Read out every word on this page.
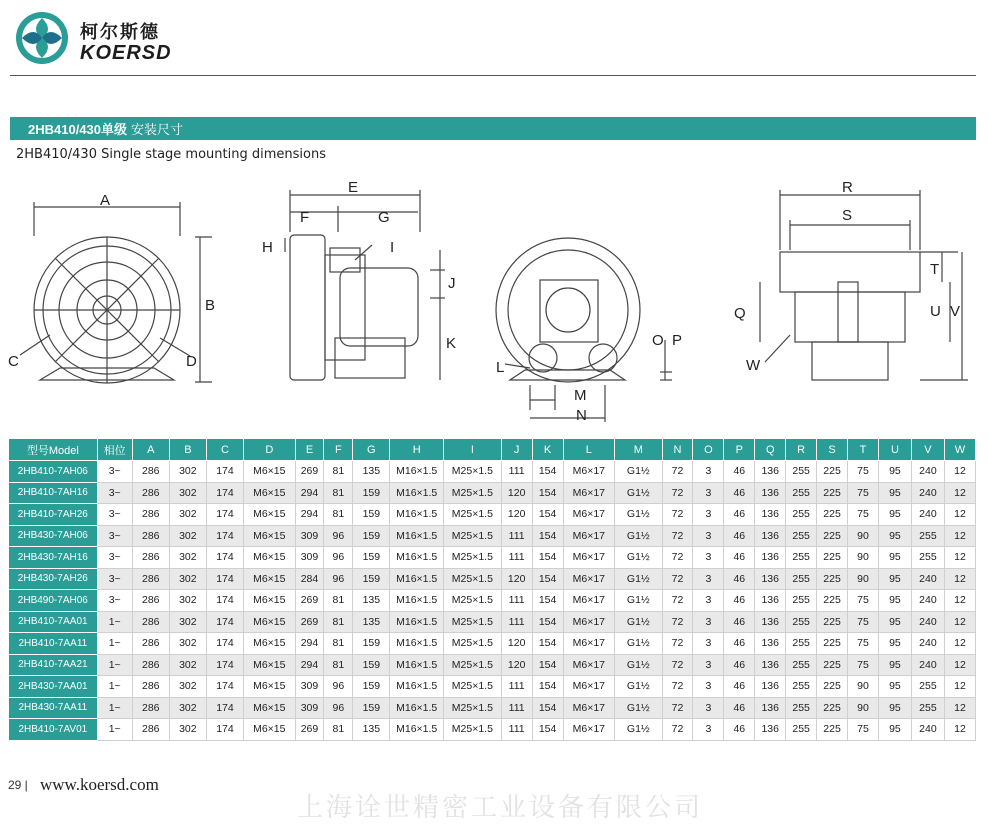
柯尔斯德
KOERSD
2HB410/430单级 安装尺寸
2HB410/430 Single stage mounting dimensions
A
B
C	D
E
F	G
H	I
J
K
L
M
N
O P
R
S
Q
W
T
U V
型号Model	相位	A	B	C	D	E	F	G	H	I	J	K	L	M	N	O	P	Q	R	S	T	U	V	W
2HB410-7AH06	3~	286	302	174	M6×15	269	81	135	M16×1.5	M25×1.5	111	154	M6×17	G1½	72	3	46	136	255	225	75	95	240	12
2HB410-7AH16	3~	286	302	174	M6×15	294	81	159	M16×1.5	M25×1.5	120	154	M6×17	G1½	72	3	46	136	255	225	75	95	240	12
2HB410-7AH26	3~	286	302	174	M6×15	294	81	159	M16×1.5	M25×1.5	120	154	M6×17	G1½	72	3	46	136	255	225	75	95	240	12
2HB430-7AH06	3~	286	302	174	M6×15	309	96	159	M16×1.5	M25×1.5	111	154	M6×17	G1½	72	3	46	136	255	225	90	95	255	12
2HB430-7AH16	3~	286	302	174	M6×15	309	96	159	M16×1.5	M25×1.5	111	154	M6×17	G1½	72	3	46	136	255	225	90	95	255	12
2HB430-7AH26	3~	286	302	174	M6×15	284	96	159	M16×1.5	M25×1.5	120	154	M6×17	G1½	72	3	46	136	255	225	90	95	240	12
2HB490-7AH06	3~	286	302	174	M6×15	269	81	135	M16×1.5	M25×1.5	111	154	M6×17	G1½	72	3	46	136	255	225	75	95	240	12
2HB410-7AA01	1~	286	302	174	M6×15	269	81	135	M16×1.5	M25×1.5	111	154	M6×17	G1½	72	3	46	136	255	225	75	95	240	12
2HB410-7AA11	1~	286	302	174	M6×15	294	81	159	M16×1.5	M25×1.5	120	154	M6×17	G1½	72	3	46	136	255	225	75	95	240	12
2HB410-7AA21	1~	286	302	174	M6×15	294	81	159	M16×1.5	M25×1.5	120	154	M6×17	G1½	72	3	46	136	255	225	75	95	240	12
2HB430-7AA01	1~	286	302	174	M6×15	309	96	159	M16×1.5	M25×1.5	111	154	M6×17	G1½	72	3	46	136	255	225	90	95	255	12
2HB430-7AA11	1~	286	302	174	M6×15	309	96	159	M16×1.5	M25×1.5	111	154	M6×17	G1½	72	3	46	136	255	225	90	95	255	12
2HB410-7AV01	1~	286	302	174	M6×15	269	81	135	M16×1.5	M25×1.5	111	154	M6×17	G1½	72	3	46	136	255	225	75	95	240	12
29 | www.koersd.com
上海诠世精密工业设备有限公司
